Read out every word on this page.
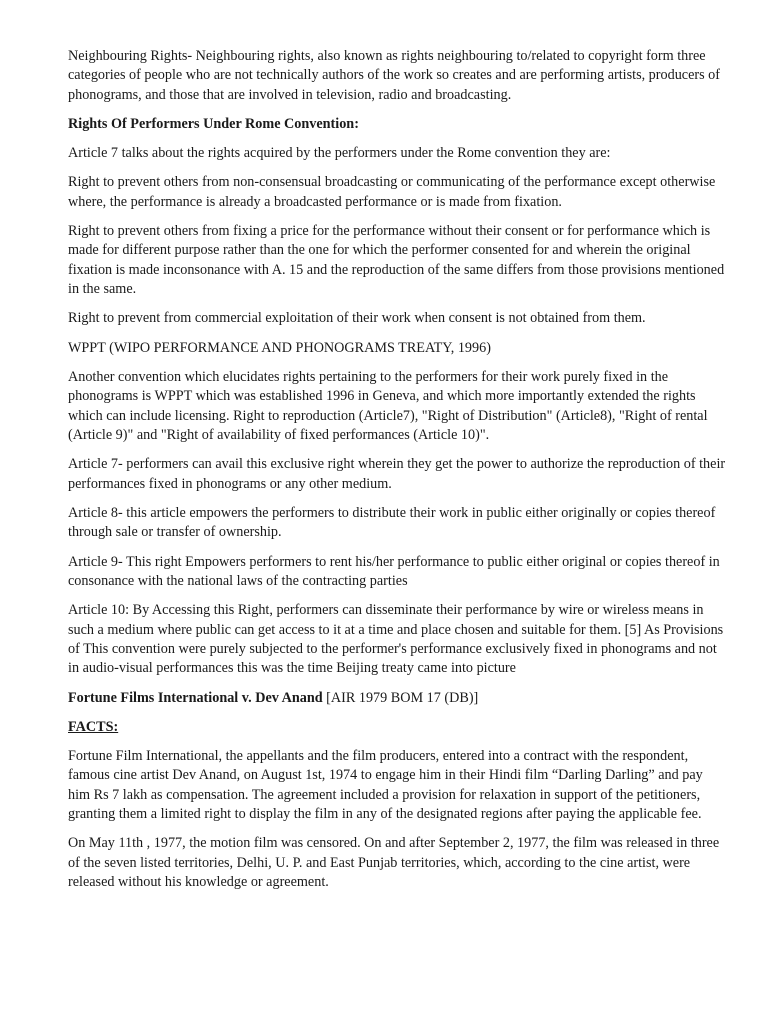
Neighbouring Rights- Neighbouring rights, also known as rights neighbouring to/related to copyright form three categories of people who are not technically authors of the work so creates and are performing artists, producers of phonograms, and those that are involved in television, radio and broadcasting.

Rights Of Performers Under Rome Convention:

Article 7 talks about the rights acquired by the performers under the Rome convention they are:

Right to prevent others from non-consensual broadcasting or communicating of the performance except otherwise where, the performance is already a broadcasted performance or is made from fixation.

Right to prevent others from fixing a price for the performance without their consent or for performance which is made for different purpose rather than the one for which the performer consented for and wherein the original fixation is made inconsonance with A. 15 and the reproduction of the same differs from those provisions mentioned in the same.

Right to prevent from commercial exploitation of their work when consent is not obtained from them.

WPPT (WIPO PERFORMANCE AND PHONOGRAMS TREATY, 1996)

Another convention which elucidates rights pertaining to the performers for their work purely fixed in the phonograms is WPPT which was established 1996 in Geneva, and which more importantly extended the rights which can include licensing. Right to reproduction (Article7), "Right of Distribution" (Article8), "Right of rental (Article 9)" and "Right of availability of fixed performances (Article 10)".

Article 7- performers can avail this exclusive right wherein they get the power to authorize the reproduction of their performances fixed in phonograms or any other medium.

Article 8- this article empowers the performers to distribute their work in public either originally or copies thereof through sale or transfer of ownership.

Article 9- This right Empowers performers to rent his/her performance to public either original or copies thereof in consonance with the national laws of the contracting parties

Article 10: By Accessing this Right, performers can disseminate their performance by wire or wireless means in such a medium where public can get access to it at a time and place chosen and suitable for them. [5] As Provisions of This convention were purely subjected to the performer's performance exclusively fixed in phonograms and not in audio-visual performances this was the time Beijing treaty came into picture

Fortune Films International v. Dev Anand [AIR 1979 BOM 17 (DB)]

FACTS:

Fortune Film International, the appellants and the film producers, entered into a contract with the respondent, famous cine artist Dev Anand, on August 1st, 1974 to engage him in their Hindi film “Darling Darling” and pay him Rs 7 lakh as compensation. The agreement included a provision for relaxation in support of the petitioners, granting them a limited right to display the film in any of the designated regions after paying the applicable fee.

On May 11th , 1977, the motion film was censored. On and after September 2, 1977, the film was released in three of the seven listed territories, Delhi, U. P. and East Punjab territories, which, according to the cine artist, were released without his knowledge or agreement.
